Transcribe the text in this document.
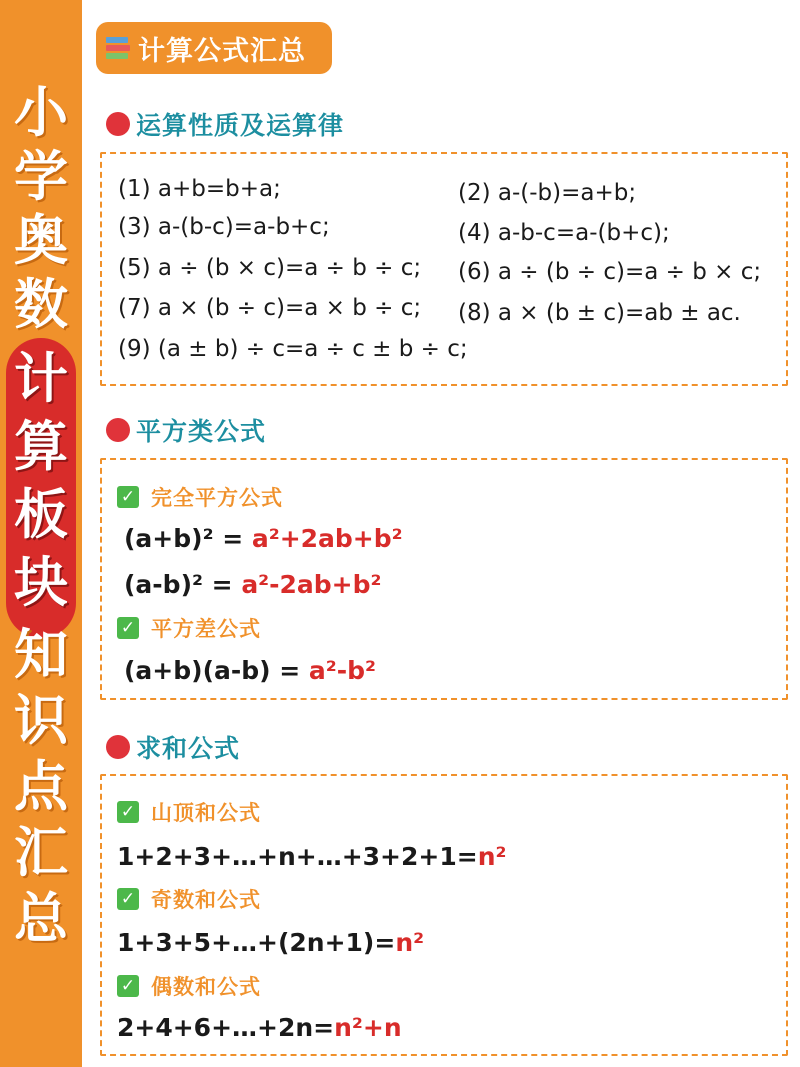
小
学
奥
数
计
算
板
块
知
识
点
汇
总
计算公式汇总
运算性质及运算律
(1) a+b=b+a;	(2) a-(-b)=a+b;
(3) a-(b-c)=a-b+c;	(4) a-b-c=a-(b+c);
(5) a ÷ (b × c)=a ÷ b ÷ c; (6) a ÷ (b ÷ c)=a ÷ b × c;
(7) a × (b ÷ c)=a × b ÷ c; (8) a × (b ± c)=ab ± ac.
(9) (a ± b) ÷ c=a ÷ c ± b ÷ c;
平方类公式
✓ 完全平方公式
(a+b)² = a²+2ab+b²
(a-b)² = a²-2ab+b²
✓ 平方差公式
(a+b)(a-b) = a²-b²
求和公式
✓ 山顶和公式
1+2+3+…+n+…+3+2+1=n²
✓ 奇数和公式
1+3+5+…+(2n+1)=n²
✓ 偶数和公式
2+4+6+…+2n=n²+n
